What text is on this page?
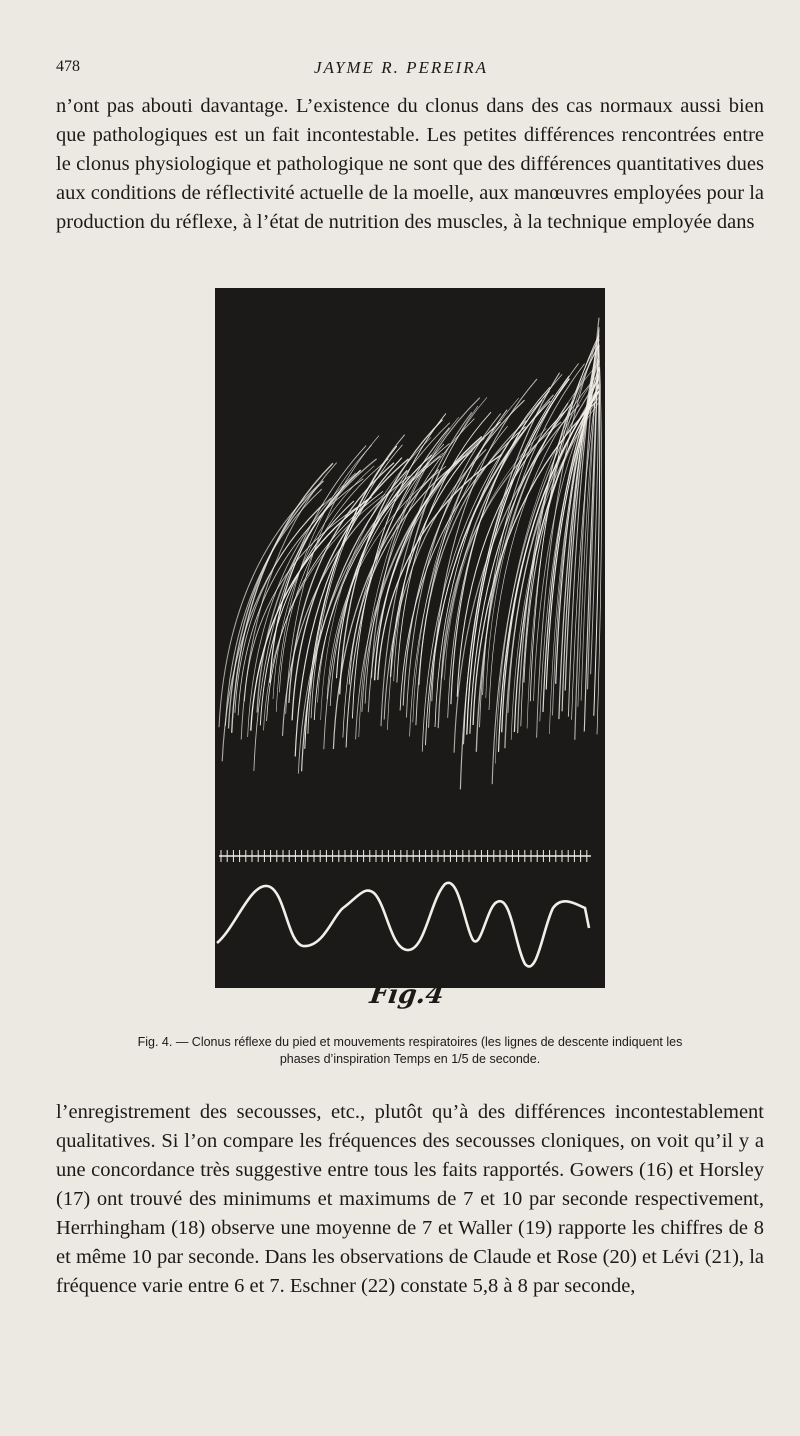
478	JAYME R. PEREIRA

n’ont pas abouti davantage. L’existence du clonus dans des cas normaux aussi bien que pathologiques est un fait incontestable. Les petites différences rencontrées entre le clonus physiologique et pathologique ne sont que des différences quantitatives dues aux conditions de réflectivité actuelle de la moelle, aux manœuvres employées pour la production du réflexe, à l’état de nutrition des muscles, à la technique employée dans

Fig.4

Fig. 4. — Clonus réflexe du pied et mouvements respiratoires (les lignes de descente indiquent les phases d’inspiration Temps en 1/5 de seconde.

l’enregistrement des secousses, etc., plutôt qu’à des différences incontestablement qualitatives. Si l’on compare les fréquences des secousses cloniques, on voit qu’il y a une concordance très suggestive entre tous les faits rapportés. Gowers (16) et Horsley (17) ont trouvé des minimums et maximums de 7 et 10 par seconde respectivement, Herrhingham (18) observe une moyenne de 7 et Waller (19) rapporte les chiffres de 8 et même 10 par seconde. Dans les observations de Claude et Rose (20) et Lévi (21), la fréquence varie entre 6 et 7. Eschner (22) constate 5,8 à 8 par seconde,
